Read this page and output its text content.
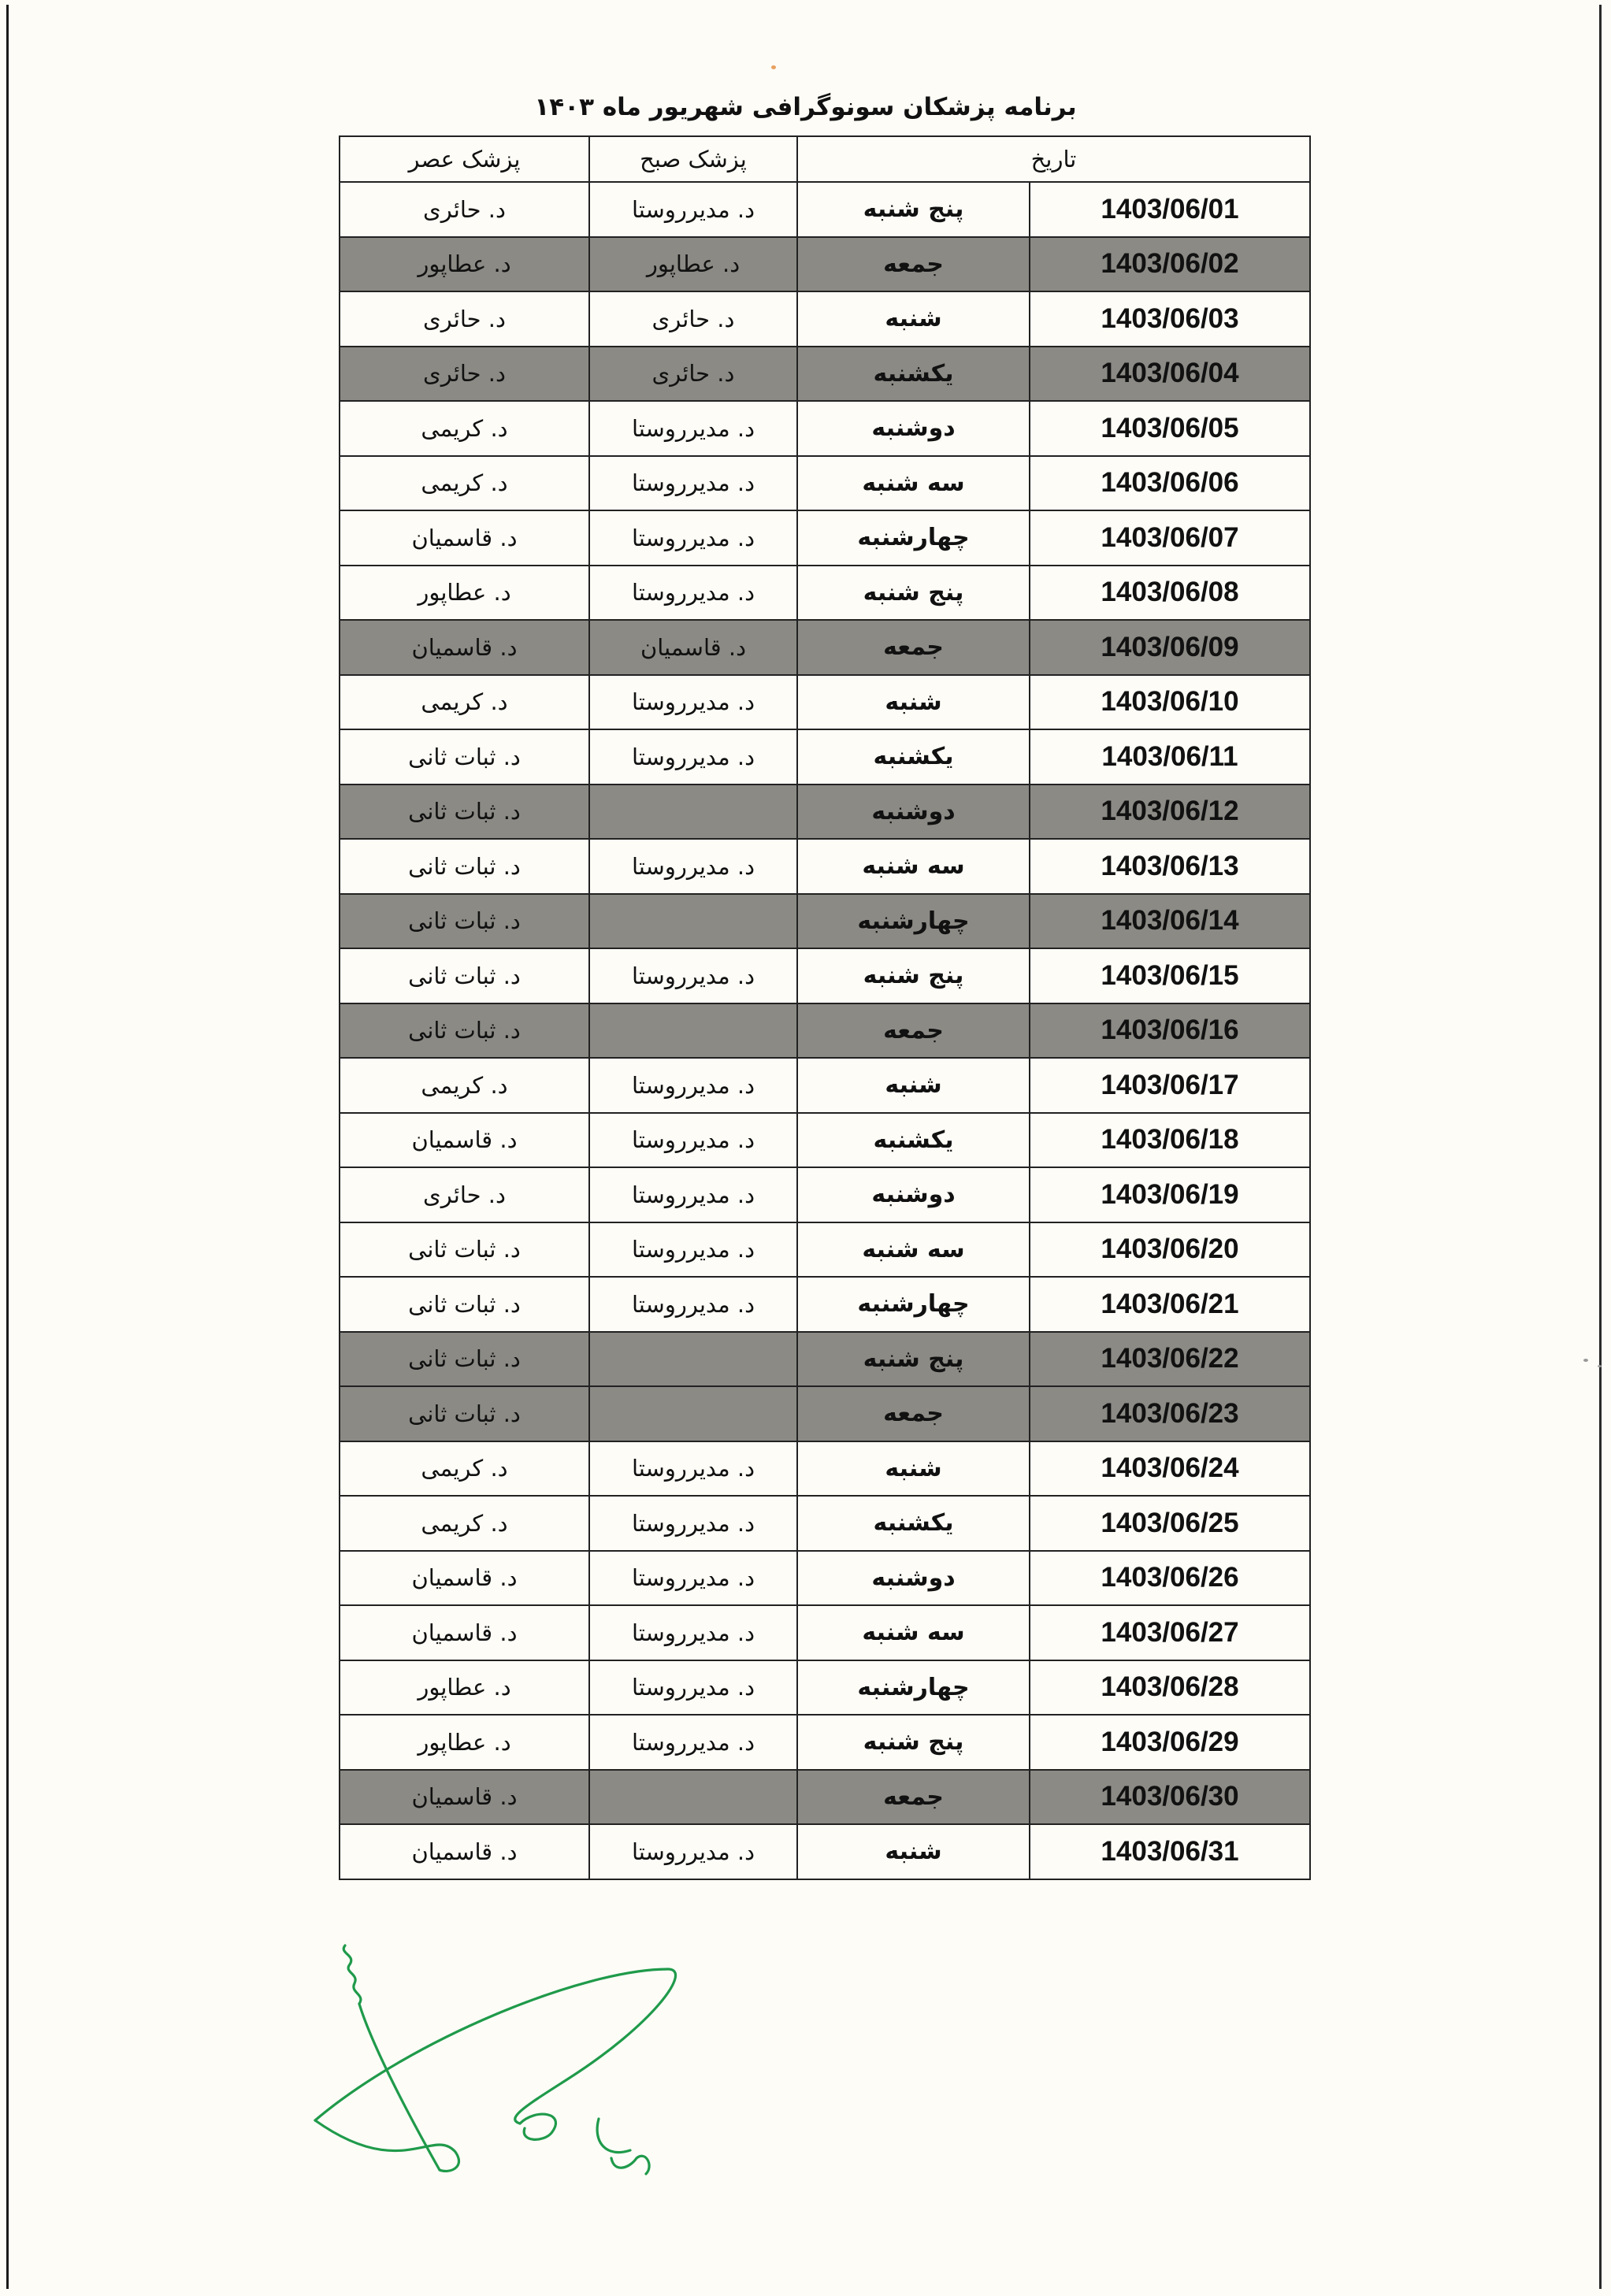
برنامه پزشکان سونوگرافی شهریور ماه ۱۴۰۳
تاریخ		پزشک صبح	پزشک عصر
1403/06/01	پنج شنبه	د. مدیرروستا	د. حائری
1403/06/02	جمعه	د. عطاپور	د. عطاپور
1403/06/03	شنبه	د. حائری	د. حائری
1403/06/04	یکشنبه	د. حائری	د. حائری
1403/06/05	دوشنبه	د. مدیرروستا	د. کریمی
1403/06/06	سه شنبه	د. مدیرروستا	د. کریمی
1403/06/07	چهارشنبه	د. مدیرروستا	د. قاسمیان
1403/06/08	پنج شنبه	د. مدیرروستا	د. عطاپور
1403/06/09	جمعه	د. قاسمیان	د. قاسمیان
1403/06/10	شنبه	د. مدیرروستا	د. کریمی
1403/06/11	یکشنبه	د. مدیرروستا	د. ثبات ثانی
1403/06/12	دوشنبه		د. ثبات ثانی
1403/06/13	سه شنبه	د. مدیرروستا	د. ثبات ثانی
1403/06/14	چهارشنبه		د. ثبات ثانی
1403/06/15	پنج شنبه	د. مدیرروستا	د. ثبات ثانی
1403/06/16	جمعه		د. ثبات ثانی
1403/06/17	شنبه	د. مدیرروستا	د. کریمی
1403/06/18	یکشنبه	د. مدیرروستا	د. قاسمیان
1403/06/19	دوشنبه	د. مدیرروستا	د. حائری
1403/06/20	سه شنبه	د. مدیرروستا	د. ثبات ثانی
1403/06/21	چهارشنبه	د. مدیرروستا	د. ثبات ثانی
1403/06/22	پنج شنبه		د. ثبات ثانی
1403/06/23	جمعه		د. ثبات ثانی
1403/06/24	شنبه	د. مدیرروستا	د. کریمی
1403/06/25	یکشنبه	د. مدیرروستا	د. کریمی
1403/06/26	دوشنبه	د. مدیرروستا	د. قاسمیان
1403/06/27	سه شنبه	د. مدیرروستا	د. قاسمیان
1403/06/28	چهارشنبه	د. مدیرروستا	د. عطاپور
1403/06/29	پنج شنبه	د. مدیرروستا	د. عطاپور
1403/06/30	جمعه		د. قاسمیان
1403/06/31	شنبه	د. مدیرروستا	د. قاسمیان
